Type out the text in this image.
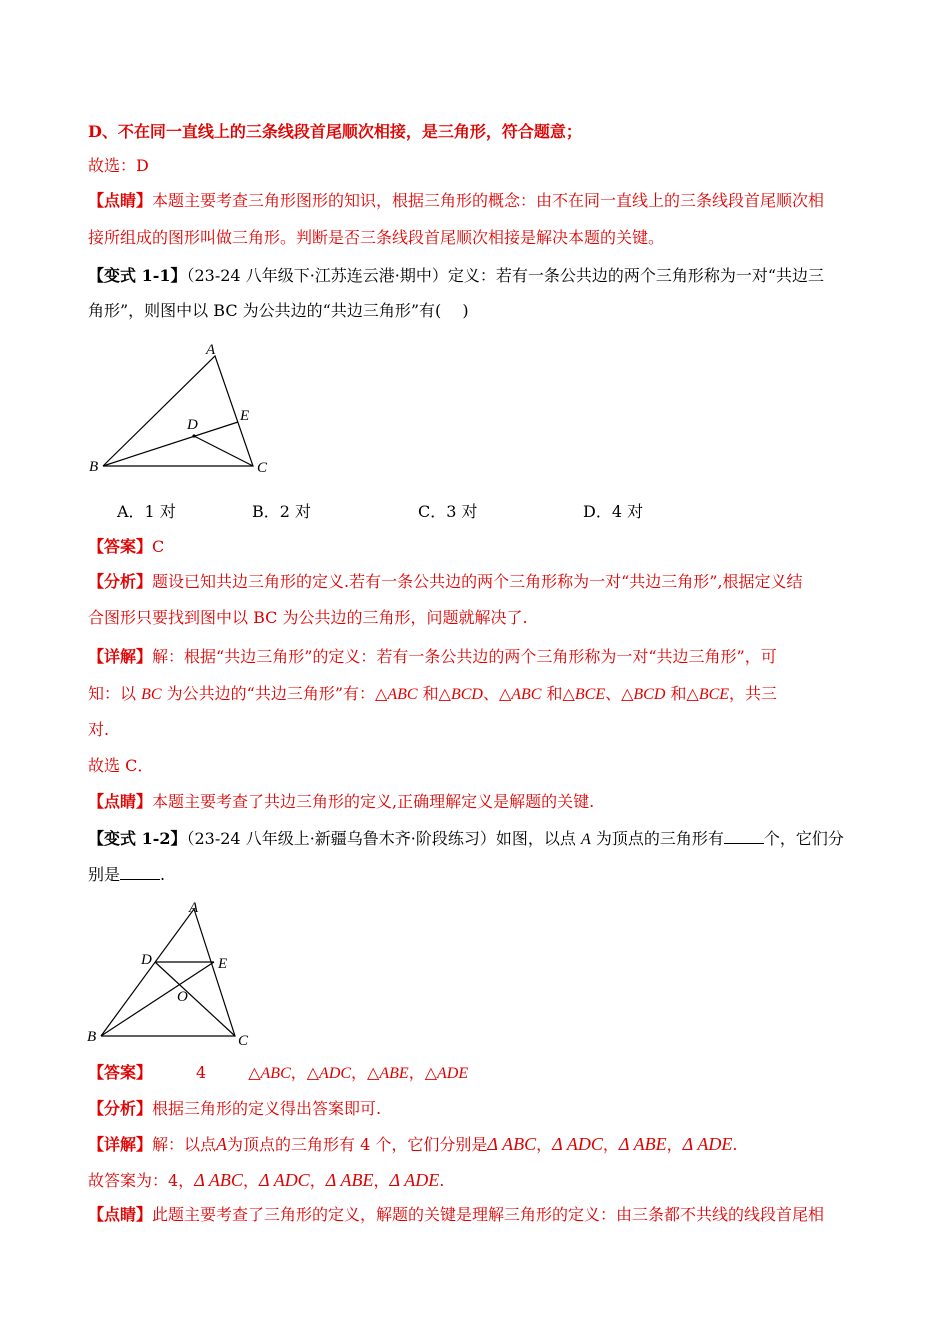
D、不在同一直线上的三条线段首尾顺次相接，是三角形，符合题意；
故选：D
【点睛】本题主要考查三角形图形的知识，根据三角形的概念：由不在同一直线上的三条线段首尾顺次相
接所组成的图形叫做三角形。判断是否三条线段首尾顺次相接是解决本题的关键。
【变式 1-1】（23-24 八年级下·江苏连云港·期中）定义：若有一条公共边的两个三角形称为一对“共边三
角形”，则图中以 BC 为公共边的“共边三角形”有(　 )
A
B	C
D
E
A．1 对	B．2 对	C．3 对	D．4 对
【答案】C
【分析】题设已知共边三角形的定义.若有一条公共边的两个三角形称为一对“共边三角形”,根据定义结
合图形只要找到图中以 BC 为公共边的三角形，问题就解决了.
【详解】解：根据“共边三角形”的定义：若有一条公共边的两个三角形称为一对“共边三角形”，可
知：以 BC 为公共边的“共边三角形”有：△ABC 和△BCD、△ABC 和△BCE、△BCD 和△BCE，共三
对.
故选 C．
【点睛】本题主要考查了共边三角形的定义,正确理解定义是解题的关键.
【变式 1-2】（23-24 八年级上·新疆乌鲁木齐·阶段练习）如图，以点 A 为顶点的三角形有	个，它们分
别是	.
A
B	C
D	E
O
【答案】	4	△ABC，△ADC，△ABE，△ADE
【分析】根据三角形的定义得出答案即可.
【详解】解：以点A为顶点的三角形有 4 个，它们分别是Δ ABC，Δ ADC，Δ ABE，Δ ADE.
故答案为：4，Δ ABC，Δ ADC，Δ ABE，Δ ADE.
【点睛】此题主要考查了三角形的定义，解题的关键是理解三角形的定义：由三条都不共线的线段首尾相
